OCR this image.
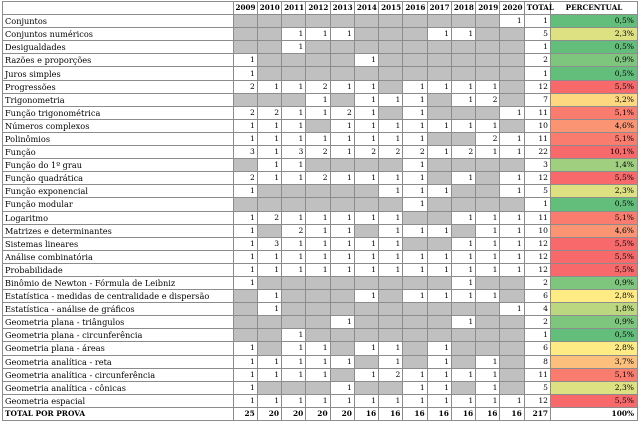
	2009	2010	2011	2012	2013	2014	2015	2016	2017	2018	2019	2020	TOTAL	PERCENTUAL
Conjuntos												1	1	0,5%
Conjuntos numéricos			1	1	1				1	1			5	2,3%
Desigualdades			1										1	0,5%
Razões e proporções	1					1							2	0,9%
Juros simples	1												1	0,5%
Progressões	2	1	1	2	1	1		1	1	1	1		12	5,5%
Trigonometria				1		1	1	1		1	2		7	3,2%
Função trigonométrica	2	2	1	1	2	1		1				1	11	5,1%
Números complexos	1	1	1		1	1	1	1	1	1	1		10	4,6%
Polinômios	1	1	1	1	1	1	1	1			2	1	11	5,1%
Função	3	1	3	2	1	2	2	2	1	2	1	1	22	10,1%
Função do 1º grau		1	1					1					3	1,4%
Função quadrática	2	1	1	2	1	1	1	1		1		1	12	5,5%
Função exponencial	1						1	1	1			1	5	2,3%
Função modular								1					1	0,5%
Logaritmo	1	2	1	1	1	1	1			1	1	1	11	5,1%
Matrizes e determinantes	1		2	1	1		1	1	1		1	1	10	4,6%
Sistemas lineares	1	3	1	1	1	1	1			1	1	1	12	5,5%
Análise combinatória	1	1	1	1	1	1	1	1	1	1	1	1	12	5,5%
Probabilidade	1	1	1	1	1	1	1	1	1	1	1	1	12	5,5%
Binômio de Newton - Fórmula de Leibniz	1									1			2	0,9%
Estatística - medidas de centralidade e dispersão		1				1		1	1	1	1		6	2,8%
Estatística - análise de gráficos		1										1	4	1,8%
Geometria plana - triângulos					1					1			2	0,9%
Geometria plana - circunferência			1										1	0,5%
Geometria plana - áreas	1		1	1		1	1		1				6	2,8%
Geometria analítica - reta	1	1	1	1	1		1		1		1		8	3,7%
Geometria analítica - circunferência	1	1	1	1		1	2	1	1	1	1		11	5,1%
Geometria analítica - cônicas	1				1			1	1		1		5	2,3%
Geometria espacial	1	1	1	1	1	1	1	1	1	1	1	1	12	5,5%
TOTAL POR PROVA	25	20	20	20	20	16	16	16	16	16	16	16	217	100%
